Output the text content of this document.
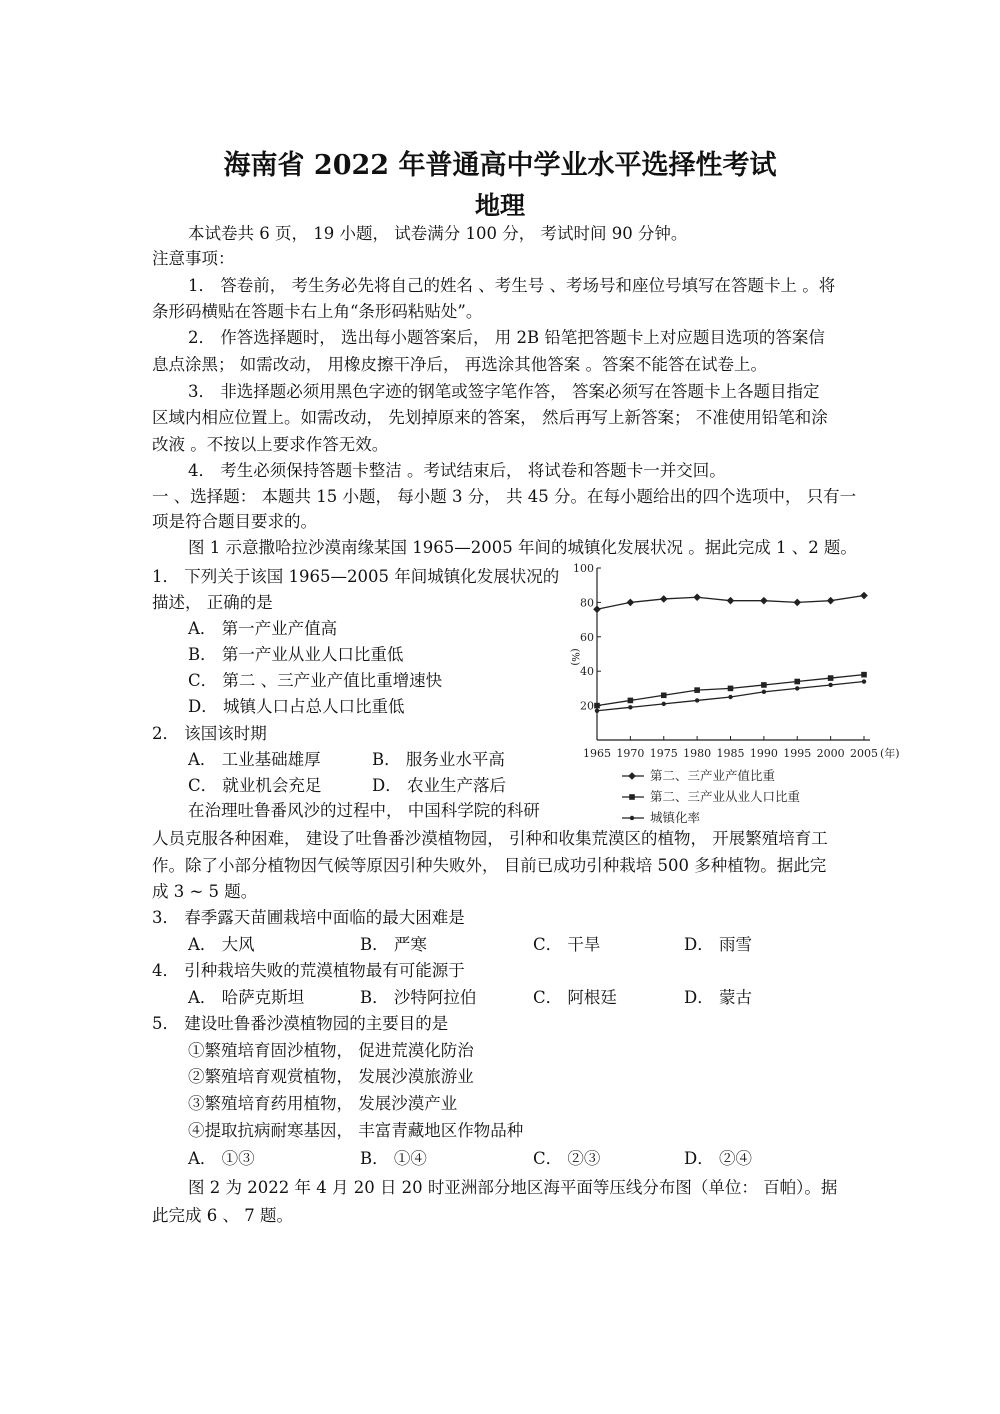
海南省 2022 年普通高中学业水平选择性考试
地理
本试卷共 6 页， 19 小题， 试卷满分 100 分， 考试时间 90 分钟。
注意事项：
1． 答卷前， 考生务必先将自己的姓名 、考生号 、考场号和座位号填写在答题卡上 。将
条形码横贴在答题卡右上角“条形码粘贴处”。
2． 作答选择题时， 选出每小题答案后， 用 2B 铅笔把答题卡上对应题目选项的答案信
息点涂黑； 如需改动， 用橡皮擦干净后， 再选涂其他答案 。答案不能答在试卷上。
3． 非选择题必须用黑色字迹的钢笔或签字笔作答， 答案必须写在答题卡上各题目指定
区域内相应位置上。如需改动， 先划掉原来的答案， 然后再写上新答案； 不准使用铅笔和涂
改液 。不按以上要求作答无效。
4． 考生必须保持答题卡整洁 。考试结束后， 将试卷和答题卡一并交回。
一 、选择题： 本题共 15 小题， 每小题 3 分， 共 45 分。在每小题给出的四个选项中， 只有一
项是符合题目要求的。
图 1 示意撒哈拉沙漠南缘某国 1965—2005 年间的城镇化发展状况 。据此完成 1 、2 题。
1． 下列关于该国 1965—2005 年间城镇化发展状况的
描述， 正确的是
A． 第一产业产值高
B． 第一产业从业人口比重低
C． 第二 、三产业产值比重增速快
D． 城镇人口占总人口比重低
2． 该国该时期
A． 工业基础雄厚	B． 服务业水平高
C． 就业机会充足	D． 农业生产落后
在治理吐鲁番风沙的过程中， 中国科学院的科研
人员克服各种困难， 建设了吐鲁番沙漠植物园， 引种和收集荒漠区的植物， 开展繁殖培育工
作。除了小部分植物因气候等原因引种失败外， 目前已成功引种栽培 500 多种植物。据此完
成 3 ~ 5 题。
3． 春季露天苗圃栽培中面临的最大困难是
A． 大风	B． 严寒	C． 干旱	D． 雨雪
4． 引种栽培失败的荒漠植物最有可能源于
A． 哈萨克斯坦	B． 沙特阿拉伯	C． 阿根廷	D． 蒙古
5． 建设吐鲁番沙漠植物园的主要目的是
①繁殖培育固沙植物， 促进荒漠化防治
②繁殖培育观赏植物， 发展沙漠旅游业
③繁殖培育药用植物， 发展沙漠产业
④提取抗病耐寒基因， 丰富青藏地区作物品种
A． ①③	B． ①④	C． ②③	D． ②④
图 2 为 2022 年 4 月 20 日 20 时亚洲部分地区海平面等压线分布图（单位： 百帕）。据
此完成 6 、 7 题。
20
40
60
80
100
(%)
1965 1970 1975 1980 1985 1990 1995 2000 2005 (年)
第二、三产业产值比重
第二、三产业从业人口比重
城镇化率
